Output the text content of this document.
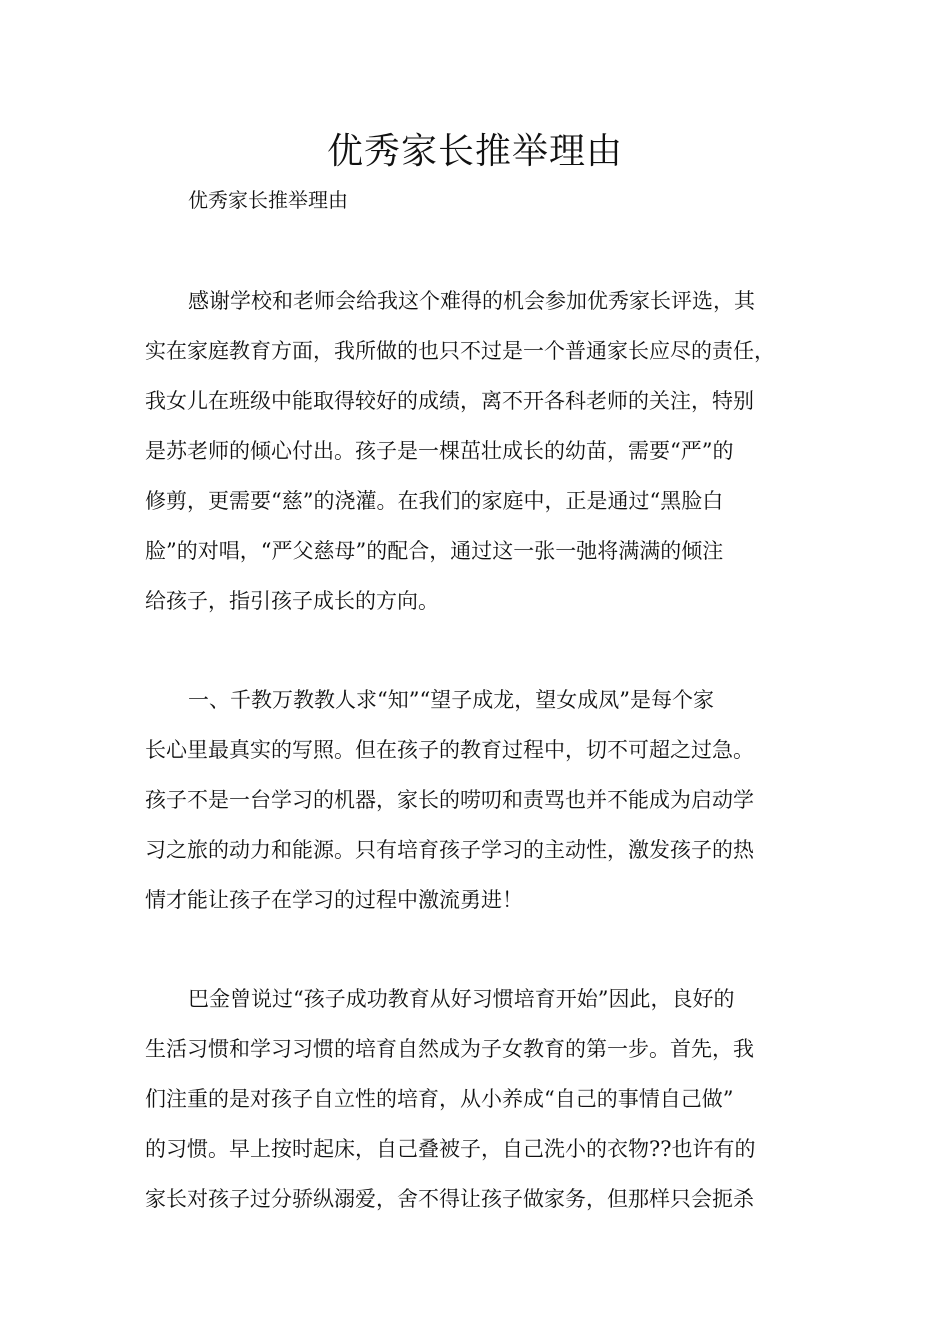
优秀家长推举理由
优秀家长推举理由
感谢学校和老师会给我这个难得的机会参加优秀家长评选，其
实在家庭教育方面，我所做的也只不过是一个普通家长应尽的责任，
我女儿在班级中能取得较好的成绩，离不开各科老师的关注，特别
是苏老师的倾心付出。孩子是一棵茁壮成长的幼苗，需要“严”的
修剪，更需要“慈”的浇灌。在我们的家庭中，正是通过“黑脸白
脸”的对唱，“严父慈母”的配合，通过这一张一弛将满满的倾注
给孩子，指引孩子成长的方向。
一、千教万教教人求“知”“望子成龙，望女成凤”是每个家
长心里最真实的写照。但在孩子的教育过程中，切不可超之过急。
孩子不是一台学习的机器，家长的唠叨和责骂也并不能成为启动学
习之旅的动力和能源。只有培育孩子学习的主动性，激发孩子的热
情才能让孩子在学习的过程中激流勇进！
巴金曾说过“孩子成功教育从好习惯培育开始”因此，良好的
生活习惯和学习习惯的培育自然成为子女教育的第一步。首先，我
们注重的是对孩子自立性的培育，从小养成“自己的事情自己做”
的习惯。早上按时起床，自己叠被子，自己洗小的衣物??也许有的
家长对孩子过分骄纵溺爱，舍不得让孩子做家务，但那样只会扼杀
